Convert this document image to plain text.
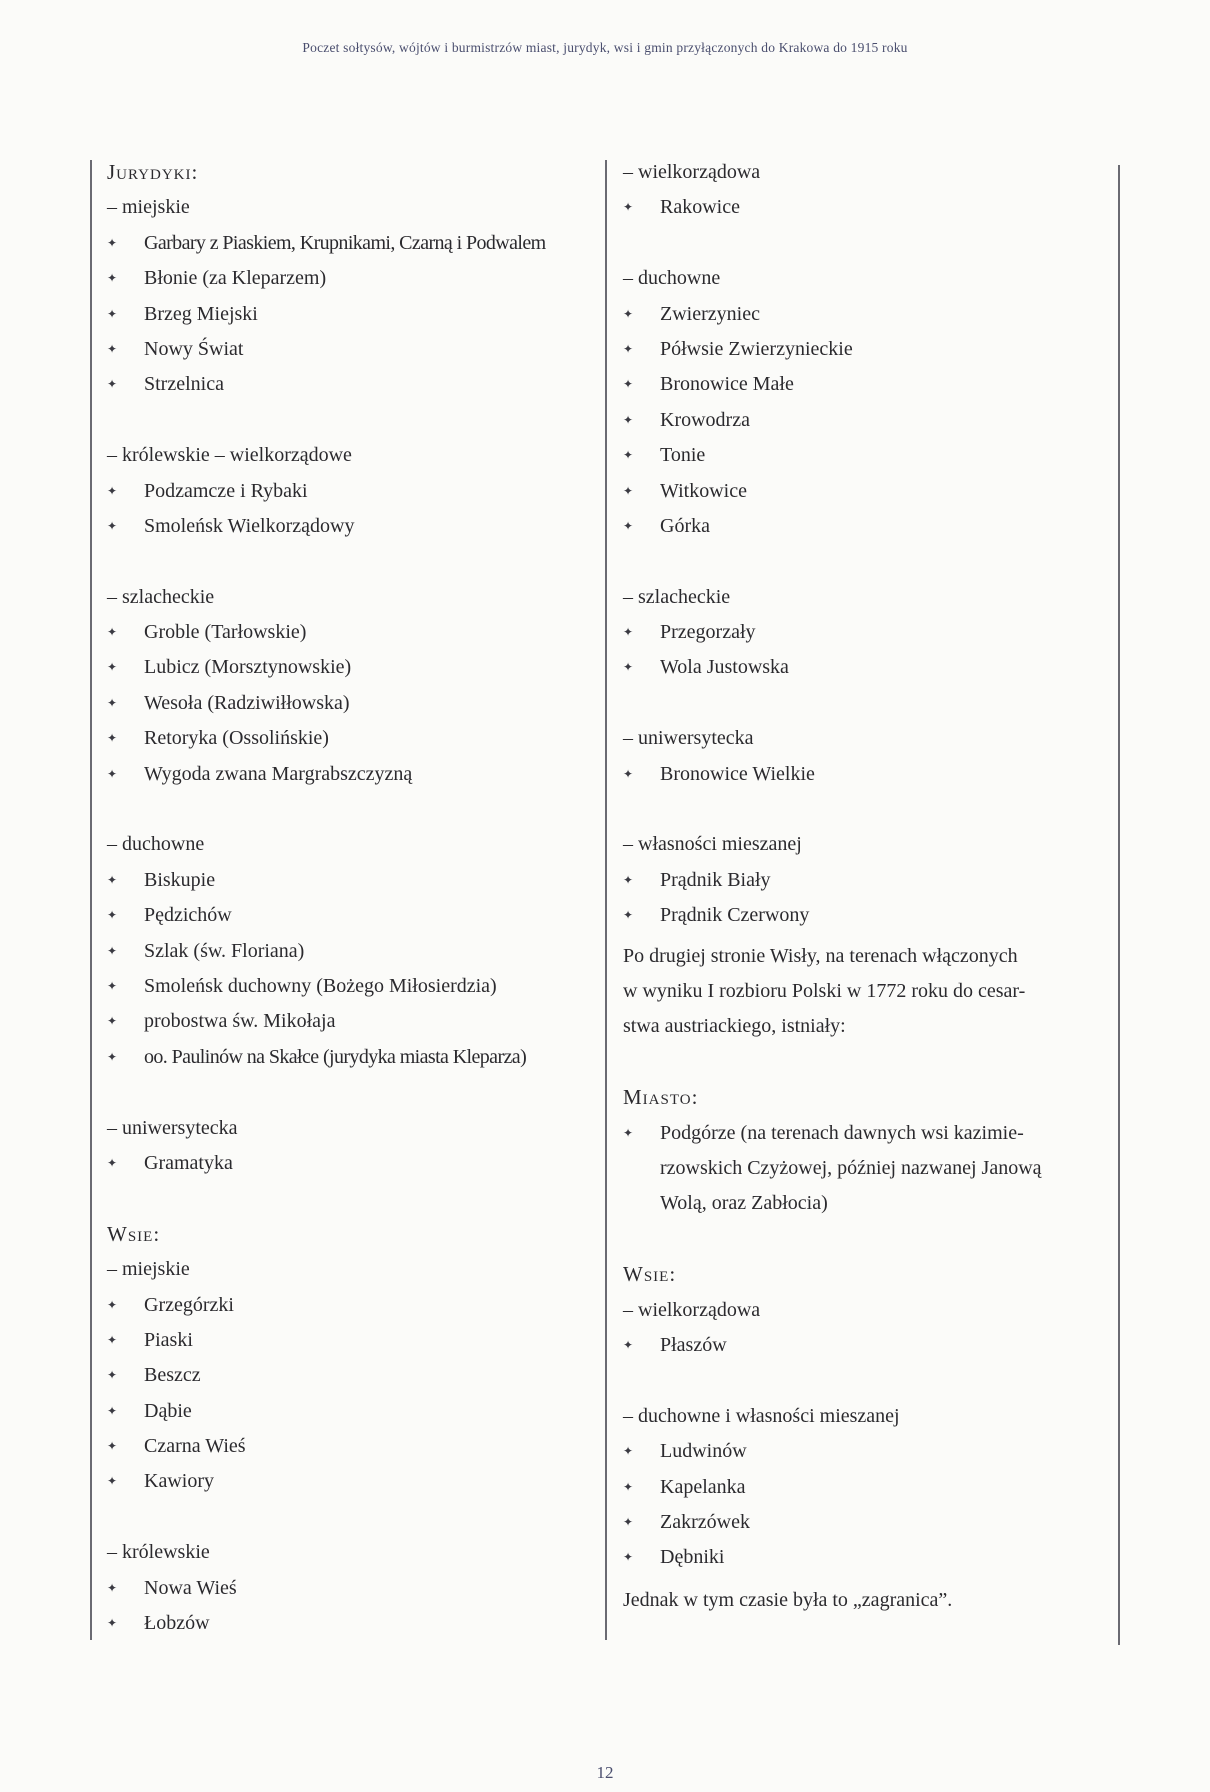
Poczet sołtysów, wójtów i burmistrzów miast, jurydyk, wsi i gmin przyłączonych do Krakowa do 1915 roku
Jurydyki:
– miejskie
✦ Garbary z Piaskiem, Krupnikami, Czarną i Podwalem
✦ Błonie (za Kleparzem)
✦ Brzeg Miejski
✦ Nowy Świat
✦ Strzelnica
– królewskie – wielkorządowe
✦ Podzamcze i Rybaki
✦ Smoleńsk Wielkorządowy
– szlacheckie
✦ Groble (Tarłowskie)
✦ Lubicz (Morsztynowskie)
✦ Wesoła (Radziwiłłowska)
✦ Retoryka (Ossolińskie)
✦ Wygoda zwana Margrabszczyzną
– duchowne
✦ Biskupie
✦ Pędzichów
✦ Szlak (św. Floriana)
✦ Smoleńsk duchowny (Bożego Miłosierdzia)
✦ probostwa św. Mikołaja
✦ oo. Paulinów na Skałce (jurydyka miasta Kleparza)
– uniwersytecka
✦ Gramatyka
Wsie:
– miejskie
✦ Grzegórzki
✦ Piaski
✦ Beszcz
✦ Dąbie
✦ Czarna Wieś
✦ Kawiory
– królewskie
✦ Nowa Wieś
✦ Łobzów
– wielkorządowa
✦ Rakowice
– duchowne
✦ Zwierzyniec
✦ Półwsie Zwierzynieckie
✦ Bronowice Małe
✦ Krowodrza
✦ Tonie
✦ Witkowice
✦ Górka
– szlacheckie
✦ Przegorzały
✦ Wola Justowska
– uniwersytecka
✦ Bronowice Wielkie
– własności mieszanej
✦ Prądnik Biały
✦ Prądnik Czerwony
Po drugiej stronie Wisły, na terenach włączonych
w wyniku I rozbioru Polski w 1772 roku do cesar-
stwa austriackiego, istniały:
Miasto:
✦ Podgórze (na terenach dawnych wsi kazimie-
rzowskich Czyżowej, później nazwanej Janową
Wolą, oraz Zabłocia)
Wsie:
– wielkorządowa
✦ Płaszów
– duchowne i własności mieszanej
✦ Ludwinów
✦ Kapelanka
✦ Zakrzówek
✦ Dębniki
Jednak w tym czasie była to „zagranica”.
12
